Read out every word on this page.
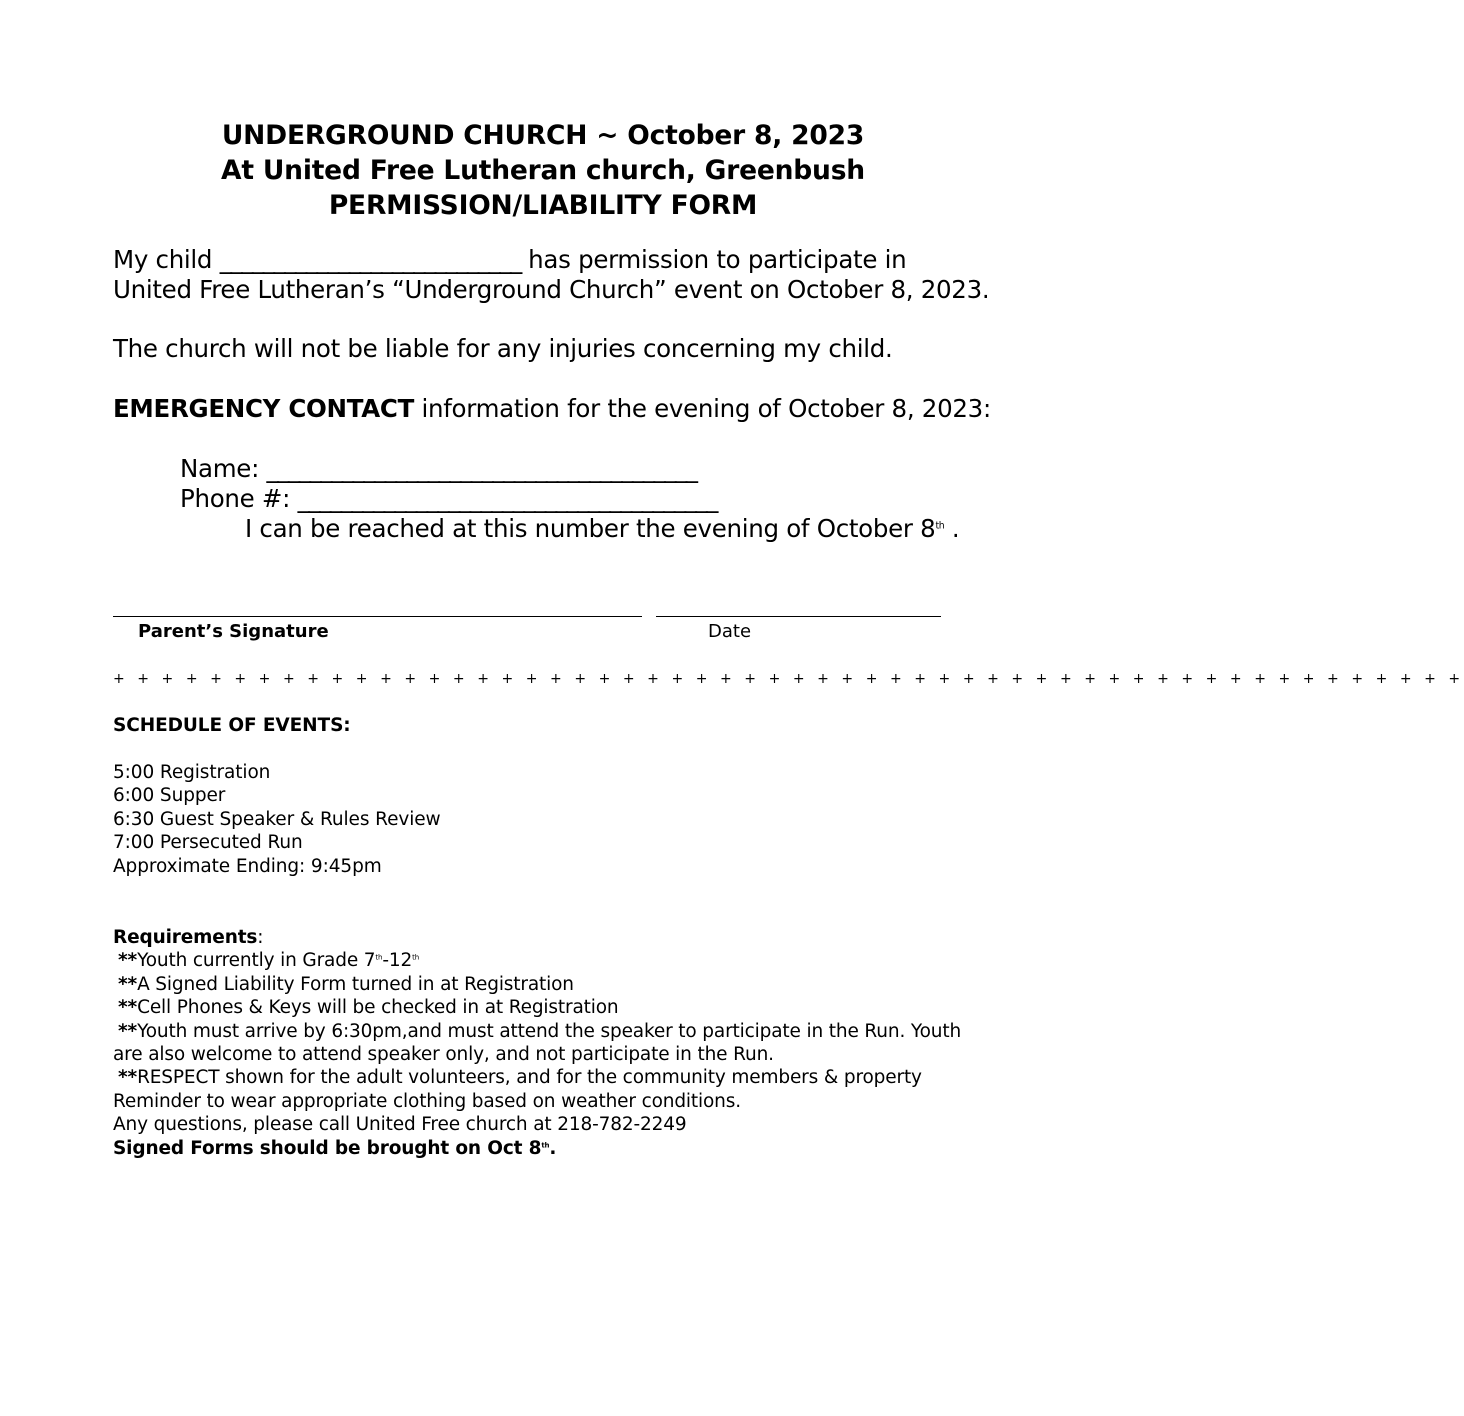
UNDERGROUND CHURCH ~ October 8, 2023
At United Free Lutheran church, Greenbush
PERMISSION/LIABILITY FORM
My child ____________________________ has permission to participate in
United Free Lutheran’s “Underground Church” event on October 8, 2023.
The church will not be liable for any injuries concerning my child.
EMERGENCY CONTACT information for the evening of October 8, 2023:
Name: ________________________________________
Phone #: _______________________________________
I can be reached at this number the evening of October 8th .
Parent’s Signature	Date
+ + + + + + + + + + + + + + + + + + + + + + + + + + + + + + + + + + + + + + + + + + + + + + + + + + + + + + + +
SCHEDULE OF EVENTS:
5:00 Registration
6:00 Supper
6:30 Guest Speaker & Rules Review
7:00 Persecuted Run
Approximate Ending: 9:45pm
Requirements:
**Youth currently in Grade 7th-12th
**A Signed Liability Form turned in at Registration
**Cell Phones & Keys will be checked in at Registration
**Youth must arrive by 6:30pm,and must attend the speaker to participate in the Run. Youth
are also welcome to attend speaker only, and not participate in the Run.
**RESPECT shown for the adult volunteers, and for the community members & property
Reminder to wear appropriate clothing based on weather conditions.
Any questions, please call United Free church at 218-782-2249
Signed Forms should be brought on Oct 8th.
